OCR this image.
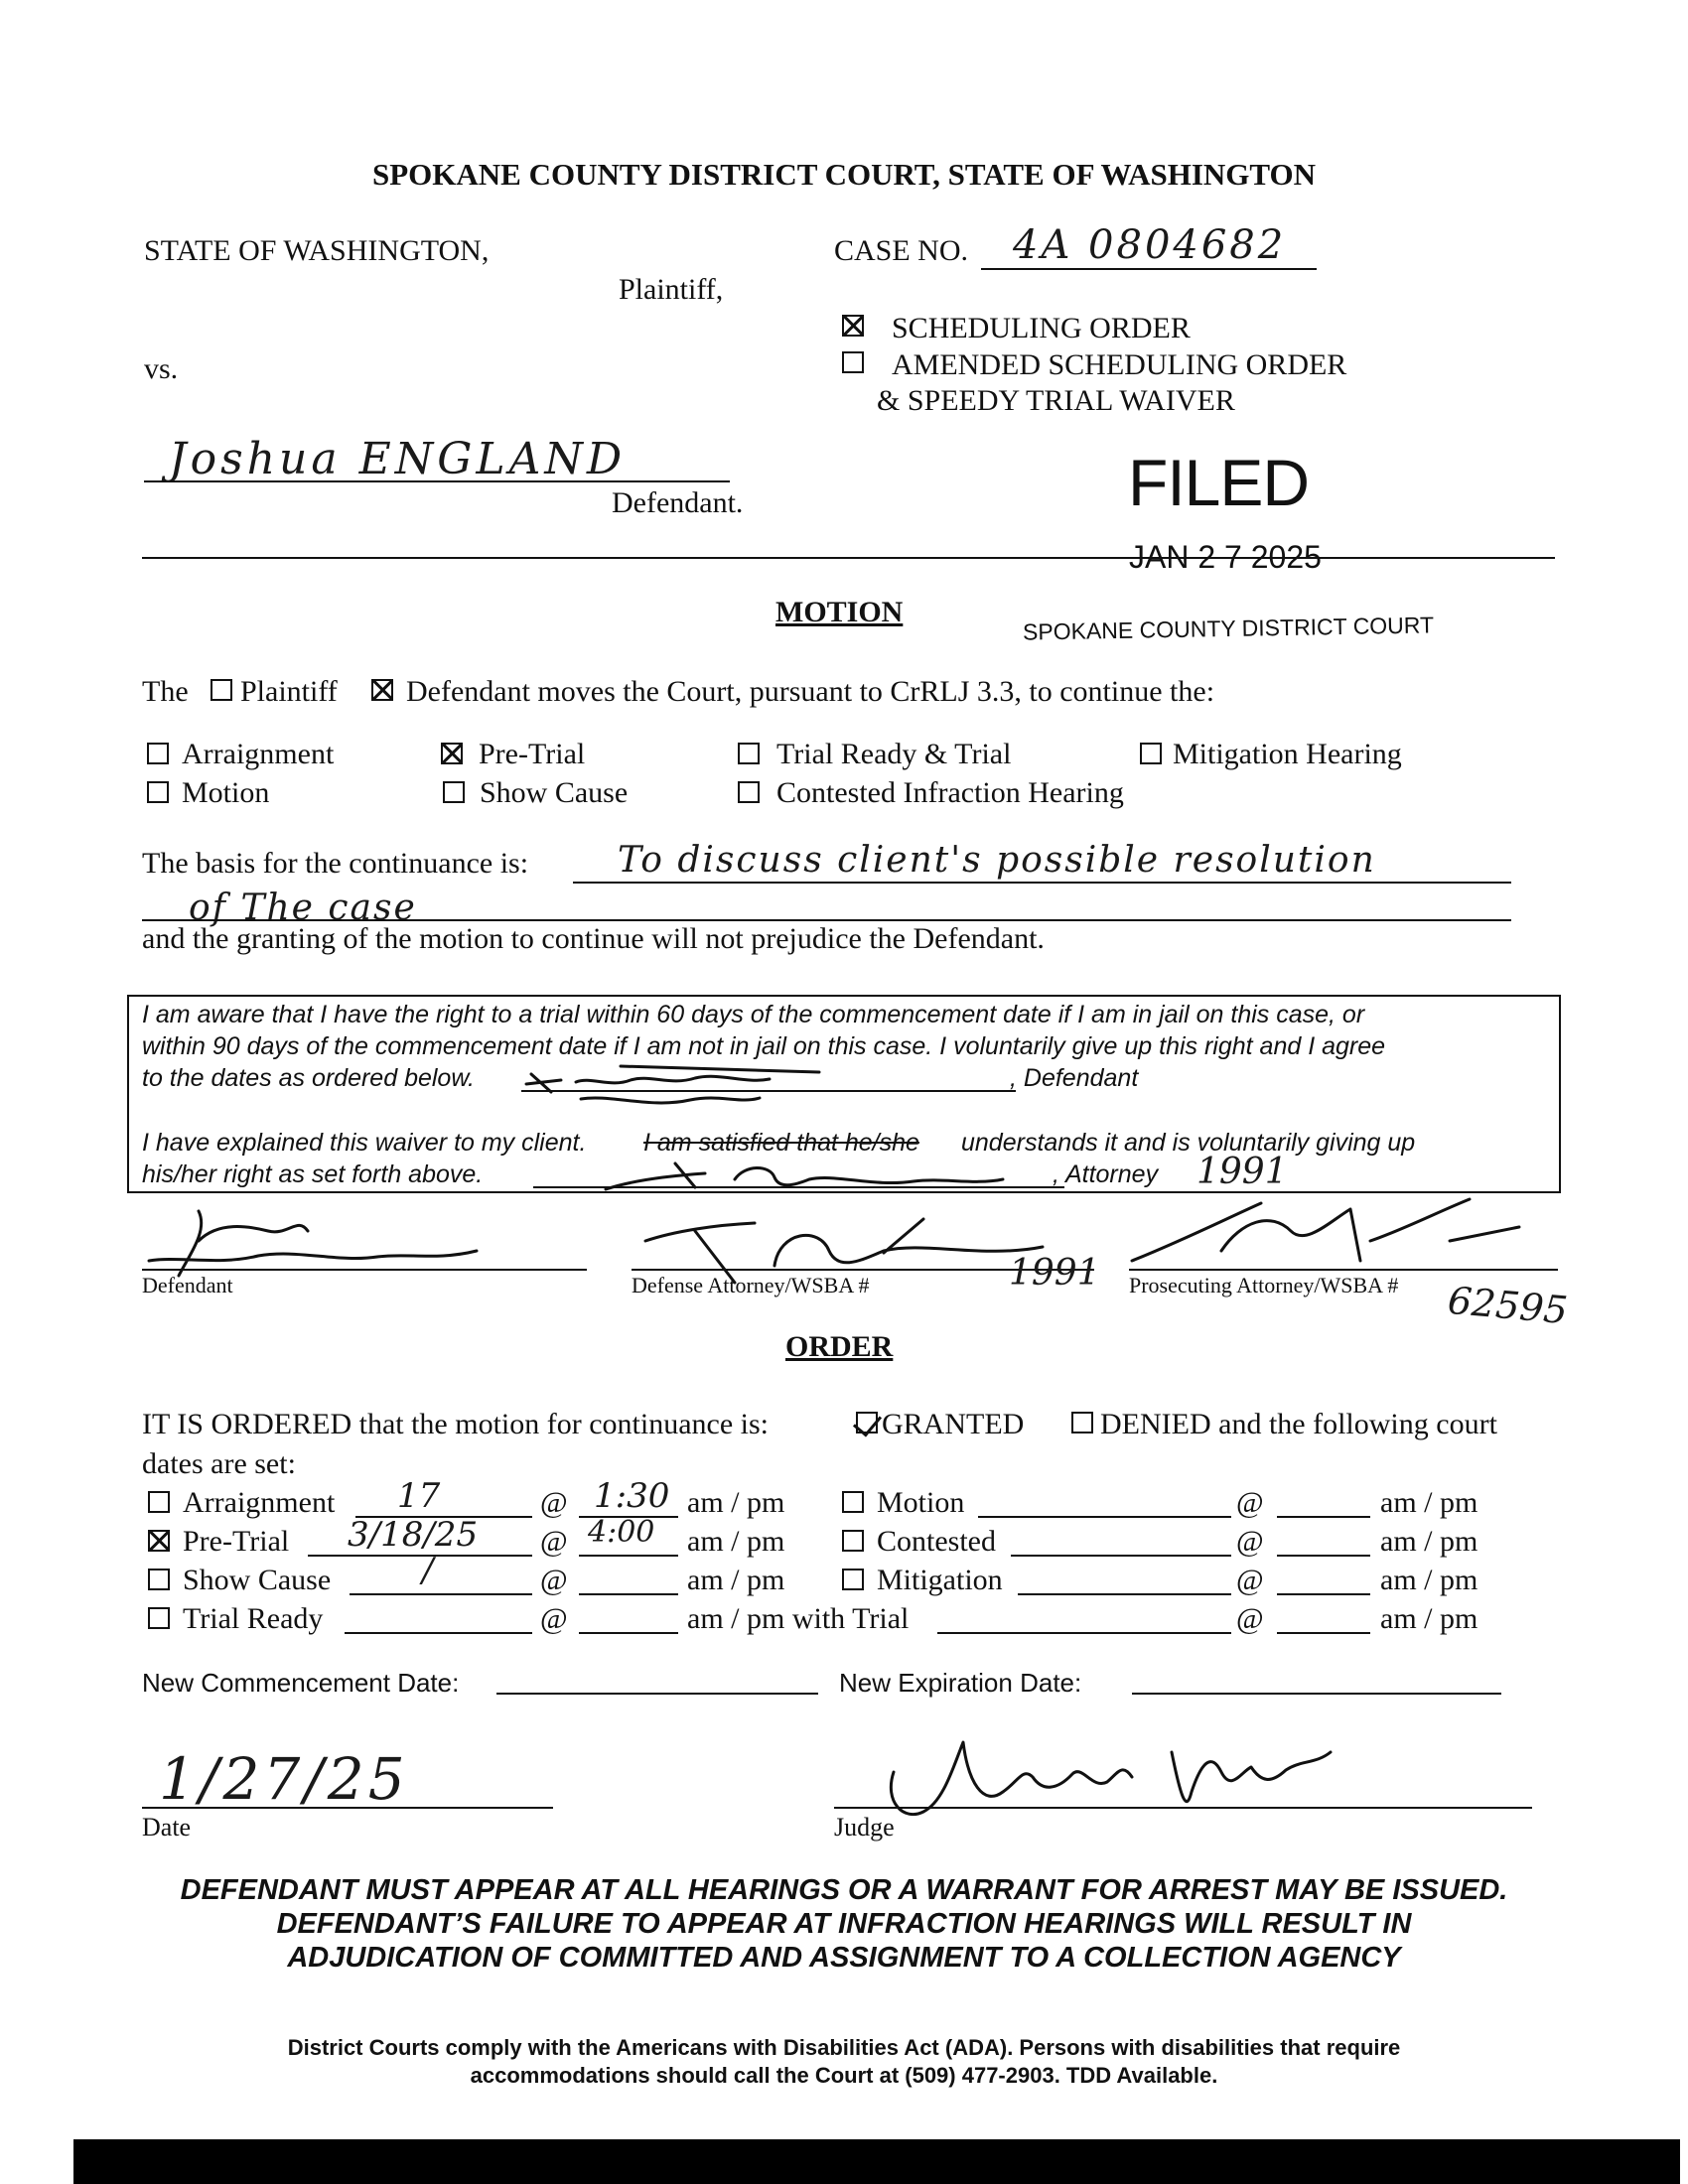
SPOKANE COUNTY DISTRICT COURT, STATE OF WASHINGTON
STATE OF WASHINGTON,
Plaintiff,
vs.
Joshua ENGLAND
Defendant.
CASE NO. 4A 0804682
SCHEDULING ORDER
AMENDED SCHEDULING ORDER
& SPEEDY TRIAL WAIVER
FILED
JAN 2 7 2025
MOTION	SPOKANE COUNTY DISTRICT COURT
The Plaintiff Defendant moves the Court, pursuant to CrRLJ 3.3, to continue the:
Arraignment	Pre-Trial	Trial Ready & Trial	Mitigation Hearing
Motion	Show Cause	Contested Infraction Hearing
The basis for the continuance is: To discuss client's possible resolution
of The case
and the granting of the motion to continue will not prejudice the Defendant.
I am aware that I have the right to a trial within 60 days of the commencement date if I am in jail on this case, or
within 90 days of the commencement date if I am not in jail on this case. I voluntarily give up this right and I agree
to the dates as ordered below.	, Defendant
I have explained this waiver to my client. I am satisfied that he/she understands it and is voluntarily giving up
his/her right as set forth above.	, Attorney 1991
Defendant	Defense Attorney/WSBA #	1991 Prosecuting Attorney/WSBA # 62595
ORDER
IT IS ORDERED that the motion for continuance is:	GRANTED	DENIED and the following court
dates are set:
Arraignment 17	@ 1:30 am / pm	Motion	@	am / pm
Pre-Trial 3/18/25 @ 4:00 am / pm	Contested	@	am / pm
Show Cause	/	@	am / pm	Mitigation	@	am / pm
Trial Ready	@	am / pm with Trial	@	am / pm
New Commencement Date:	New Expiration Date:
1/27/25
Date	Judge
DEFENDANT MUST APPEAR AT ALL HEARINGS OR A WARRANT FOR ARREST MAY BE ISSUED.
DEFENDANT’S FAILURE TO APPEAR AT INFRACTION HEARINGS WILL RESULT IN
ADJUDICATION OF COMMITTED AND ASSIGNMENT TO A COLLECTION AGENCY
District Courts comply with the Americans with Disabilities Act (ADA). Persons with disabilities that require
accommodations should call the Court at (509) 477-2903. TDD Available.
